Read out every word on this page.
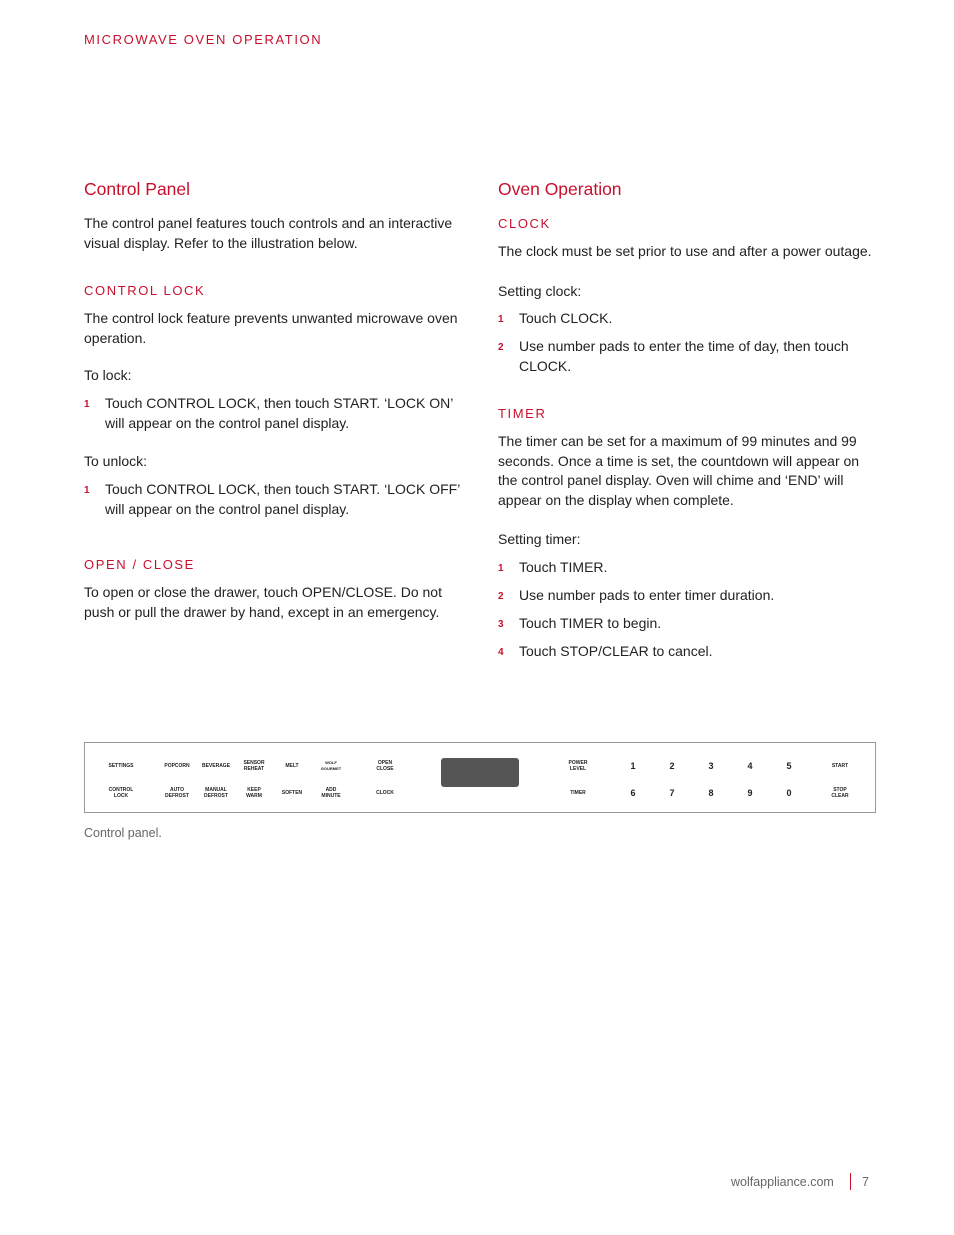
MICROWAVE OVEN OPERATION
Control Panel
The control panel features touch controls and an interactive visual display. Refer to the illustration below.
CONTROL LOCK
The control lock feature prevents unwanted microwave oven operation.
To lock:
1 Touch CONTROL LOCK, then touch START. ‘LOCK ON’ will appear on the control panel display.
To unlock:
1 Touch CONTROL LOCK, then touch START. ‘LOCK OFF’ will appear on the control panel display.
OPEN / CLOSE
To open or close the drawer, touch OPEN/CLOSE. Do not push or pull the drawer by hand, except in an emergency.
Oven Operation
CLOCK
The clock must be set prior to use and after a power outage.
Setting clock:
1 Touch CLOCK.
2 Use number pads to enter the time of day, then touch CLOCK.
TIMER
The timer can be set for a maximum of 99 minutes and 99 seconds. Once a time is set, the countdown will appear on the control panel display. Oven will chime and ‘END’ will appear on the display when complete.
Setting timer:
1 Touch TIMER.
2 Use number pads to enter timer duration.
3 Touch TIMER to begin.
4 Touch STOP/CLEAR to cancel.
SETTINGS	POPCORN BEVERAGE	SENSOR
REHEAT	MELT
WOLF
GOURMET
OPEN
CLOSE
CONTROL
LOCK
AUTO
DEFROST
MANUAL
DEFROST
KEEP
WARM	SOFTEN	ADD
MINUTE	CLOCK
POWER
LEVEL
TIMER
1	2	3	4	5
6	7	8	9	0
START
STOP
CLEAR
Control panel.
wolfappliance.com 7
